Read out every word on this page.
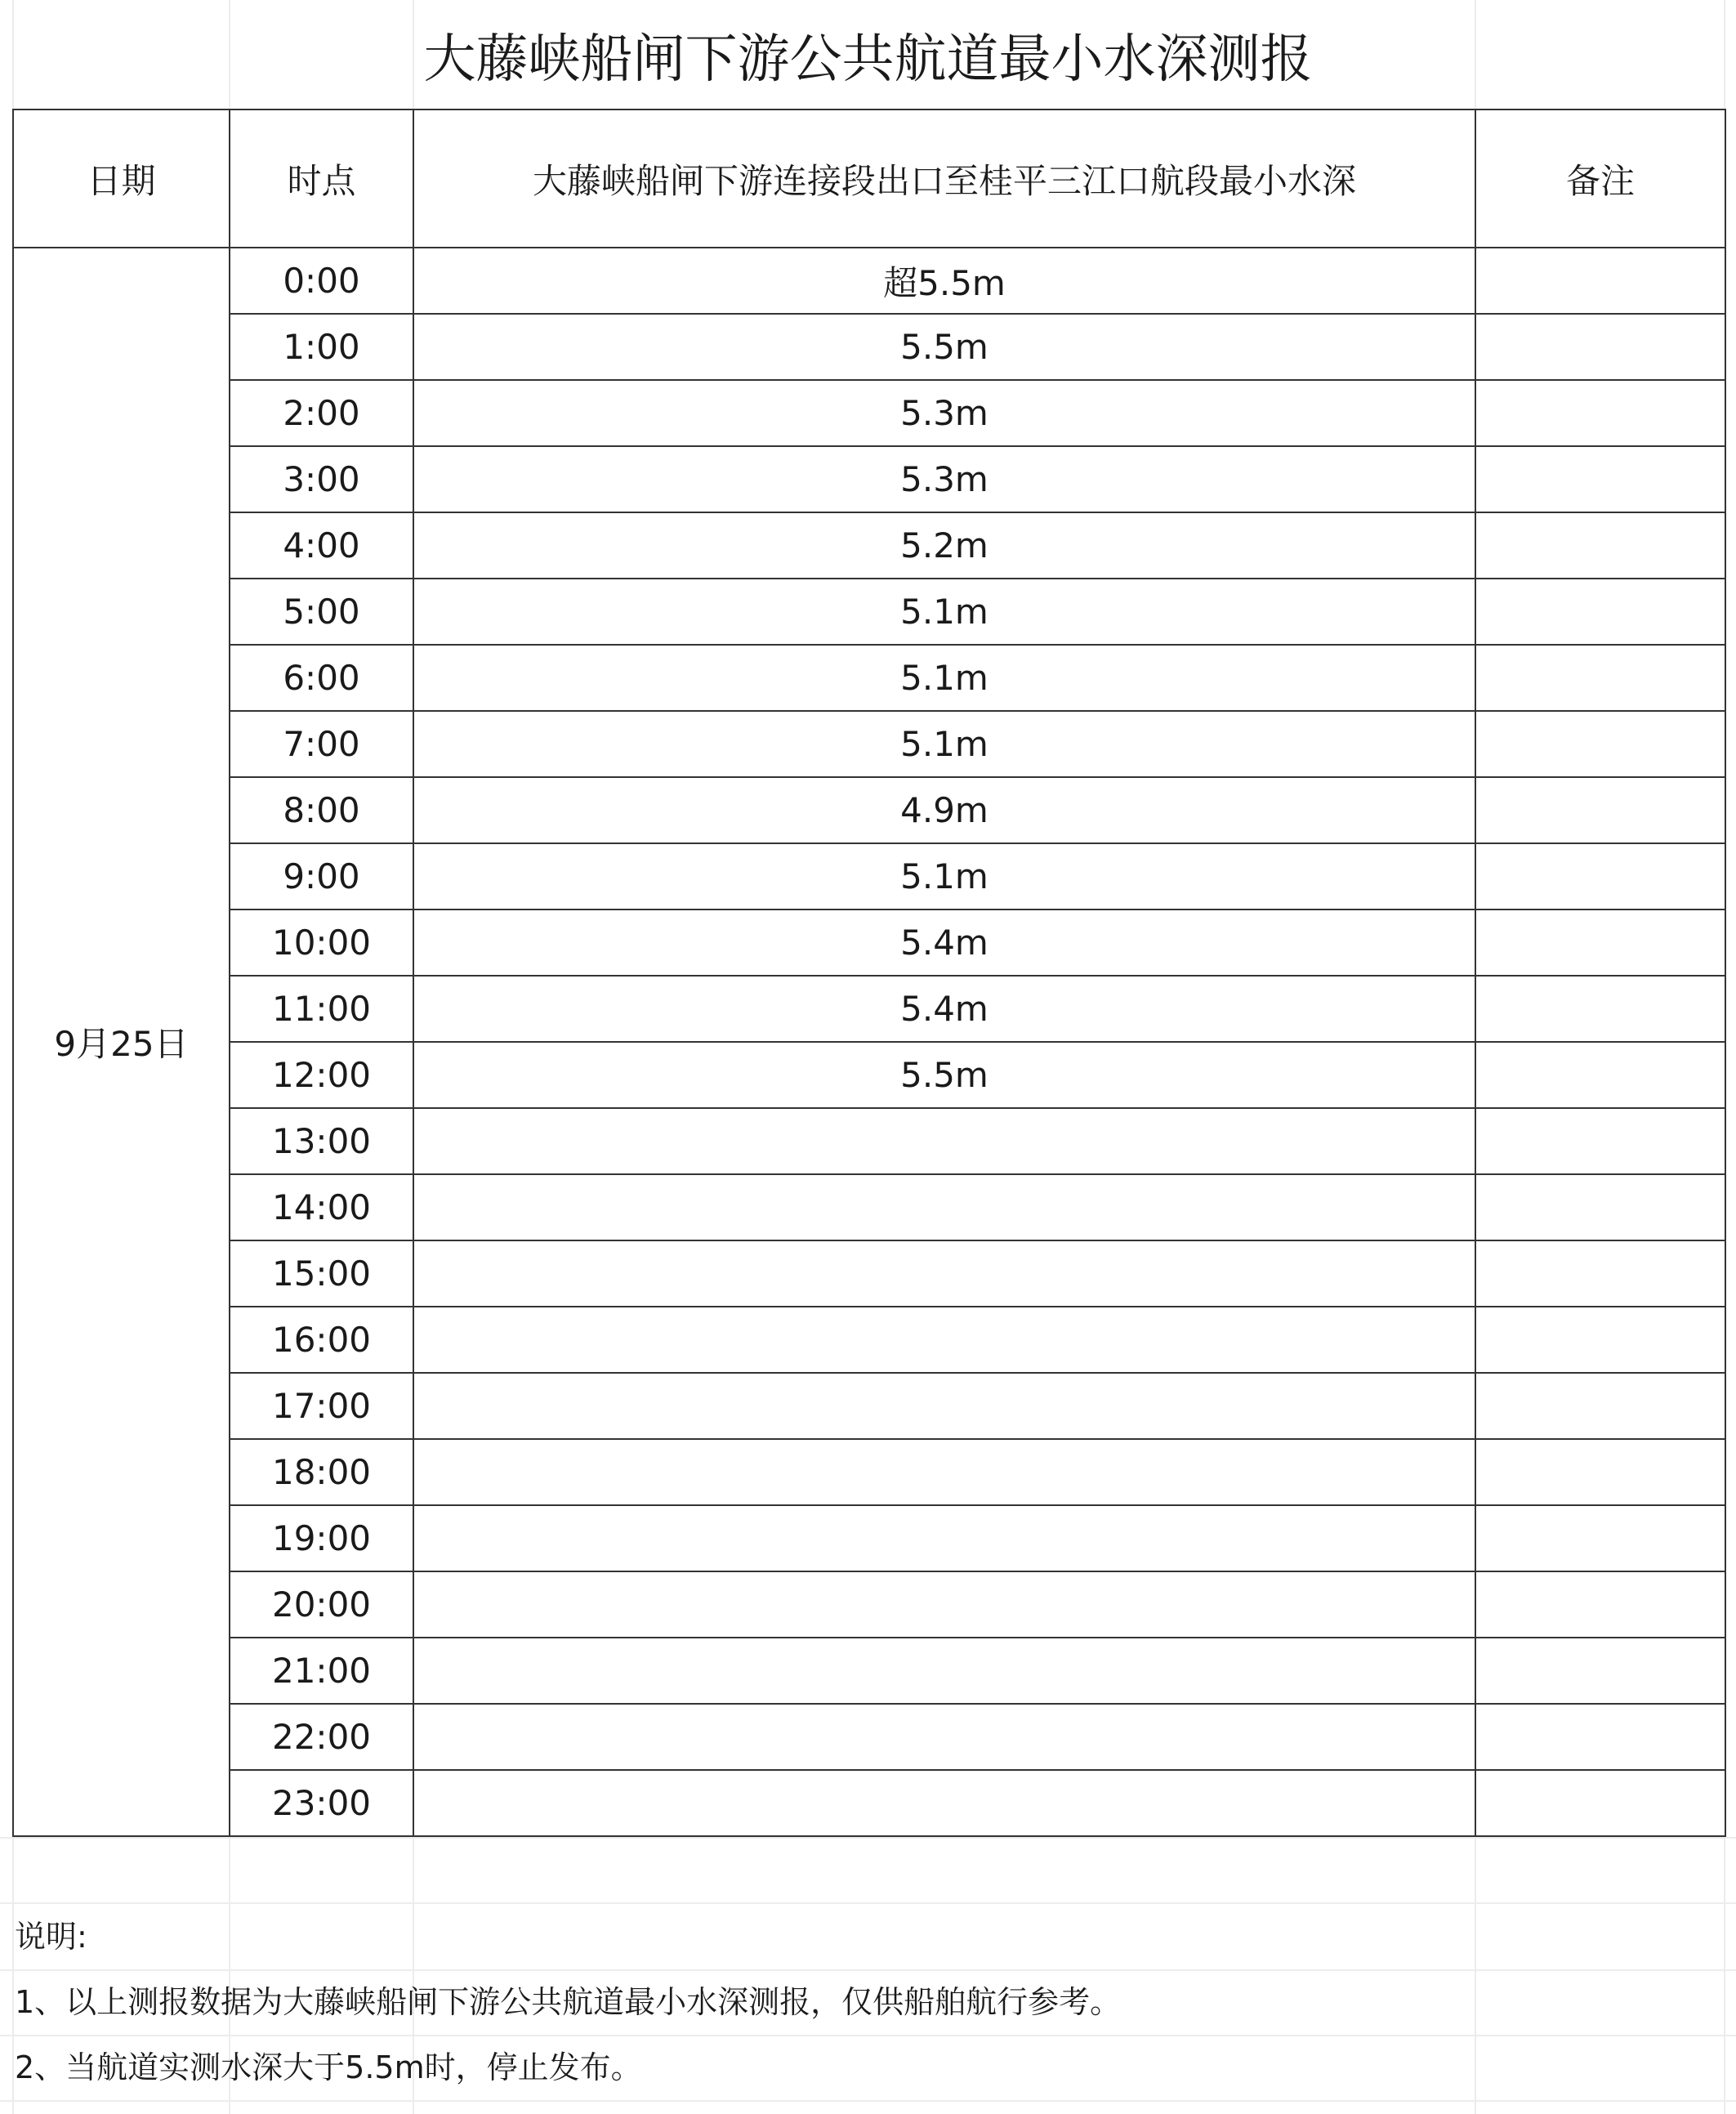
大藤峡船闸下游公共航道最小水深测报
日期	时点	大藤峡船闸下游连接段出口至桂平三江口航段最小水深	备注
9月25日	0:00	超5.5m	
	1:00	5.5m	
	2:00	5.3m	
	3:00	5.3m	
	4:00	5.2m	
	5:00	5.1m	
	6:00	5.1m	
	7:00	5.1m	
	8:00	4.9m	
	9:00	5.1m	
	10:00	5.4m	
	11:00	5.4m	
	12:00	5.5m	
	13:00		
	14:00		
	15:00		
	16:00		
	17:00		
	18:00		
	19:00		
	20:00		
	21:00		
	22:00		
	23:00		
说明:
1、以上测报数据为大藤峡船闸下游公共航道最小水深测报，仅供船舶航行参考。
2、当航道实测水深大于5.5m时，停止发布。
